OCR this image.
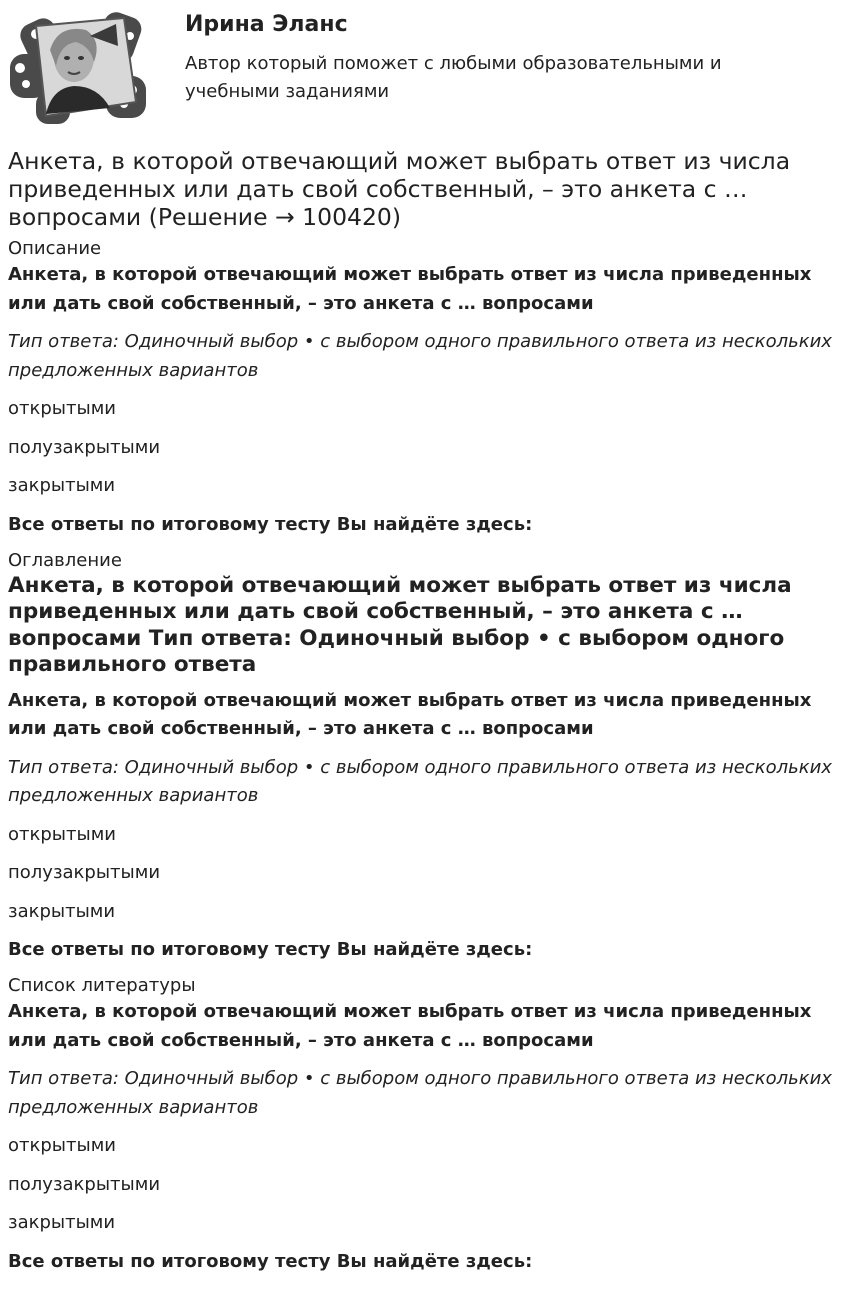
Ирина Эланс
Автор который поможет с любыми образовательными и учебными заданиями
Анкета, в которой отвечающий может выбрать ответ из числа приведенных или дать свой собственный, – это анкета с … вопросами (Решение → 100420)

Описание

Анкета, в которой отвечающий может выбрать ответ из числа приведенных или дать свой собственный, – это анкета с … вопросами

Тип ответа: Одиночный выбор • с выбором одного правильного ответа из нескольких предложенных вариантов

открытыми

полузакрытыми

закрытыми

Все ответы по итоговому тесту Вы найдёте здесь:

Оглавление

Анкета, в которой отвечающий может выбрать ответ из числа приведенных или дать свой собственный, – это анкета с … вопросами Тип ответа: Одиночный выбор • с выбором одного правильного ответа

Анкета, в которой отвечающий может выбрать ответ из числа приведенных или дать свой собственный, – это анкета с … вопросами

Тип ответа: Одиночный выбор • с выбором одного правильного ответа из нескольких предложенных вариантов

открытыми

полузакрытыми

закрытыми

Все ответы по итоговому тесту Вы найдёте здесь:

Список литературы

Анкета, в которой отвечающий может выбрать ответ из числа приведенных или дать свой собственный, – это анкета с … вопросами

Тип ответа: Одиночный выбор • с выбором одного правильного ответа из нескольких предложенных вариантов

открытыми

полузакрытыми

закрытыми

Все ответы по итоговому тесту Вы найдёте здесь:
